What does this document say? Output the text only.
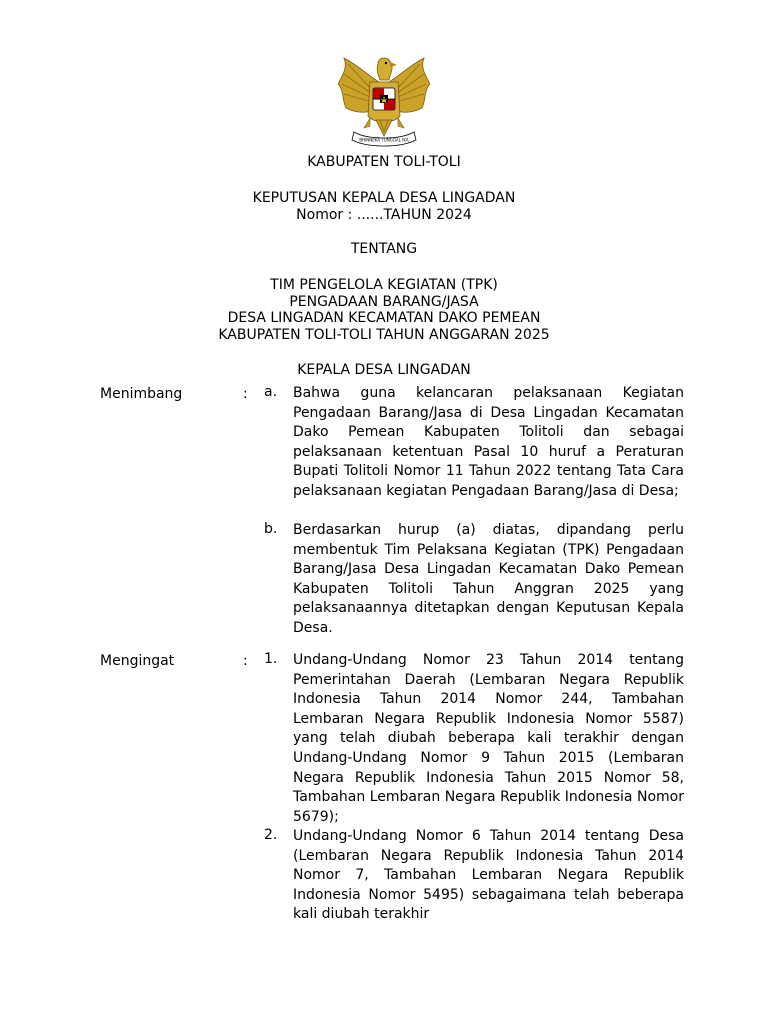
BHINNEKA TUNGGAL IKA
KABUPATEN TOLI-TOLI
KEPUTUSAN KEPALA DESA LINGADAN
Nomor : ......TAHUN 2024
TENTANG
TIM PENGELOLA KEGIATAN (TPK)
PENGADAAN BARANG/JASA
DESA LINGADAN KECAMATAN DAKO PEMEAN
KABUPATEN TOLI-TOLI TAHUN ANGGARAN 2025
KEPALA DESA LINGADAN
Menimbang	: a. Bahwa guna kelancaran pelaksanaan Kegiatan Pengadaan Barang/Jasa di Desa Lingadan Kecamatan Dako Pemean Kabupaten Tolitoli dan sebagai pelaksanaan ketentuan Pasal 10 huruf a Peraturan Bupati Tolitoli Nomor 11 Tahun 2022 tentang Tata Cara pelaksanaan kegiatan Pengadaan Barang/Jasa di Desa;
b. Berdasarkan hurup (a) diatas, dipandang perlu membentuk Tim Pelaksana Kegiatan (TPK) Pengadaan Barang/Jasa Desa Lingadan Kecamatan Dako Pemean Kabupaten Tolitoli Tahun Anggran 2025 yang pelaksanaannya ditetapkan dengan Keputusan Kepala Desa.
Mengingat	: 1. Undang-Undang Nomor 23 Tahun 2014 tentang Pemerintahan Daerah (Lembaran Negara Republik Indonesia Tahun 2014 Nomor 244, Tambahan Lembaran Negara Republik Indonesia Nomor 5587) yang telah diubah beberapa kali terakhir dengan Undang-Undang Nomor 9 Tahun 2015 (Lembaran Negara Republik Indonesia Tahun 2015 Nomor 58, Tambahan Lembaran Negara Republik Indonesia Nomor 5679);
2. Undang-Undang Nomor 6 Tahun 2014 tentang Desa (Lembaran Negara Republik Indonesia Tahun 2014 Nomor 7, Tambahan Lembaran Negara Republik Indonesia Nomor 5495) sebagaimana telah beberapa kali diubah terakhir
